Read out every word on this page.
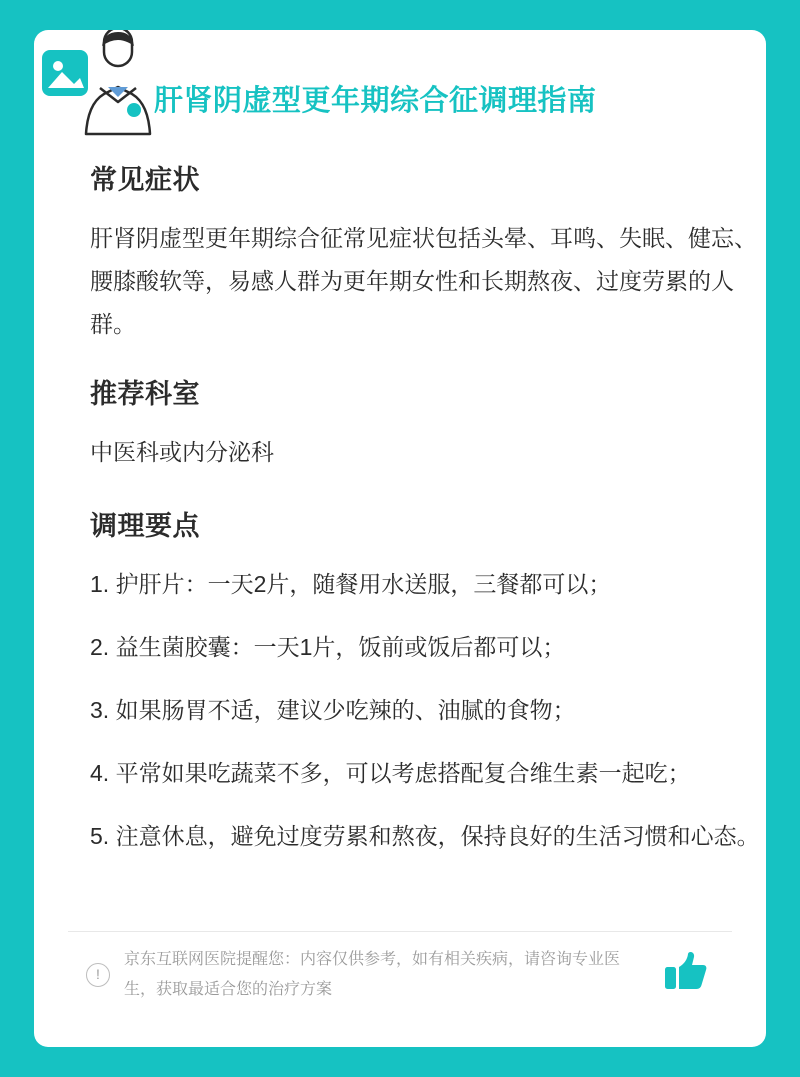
肝肾阴虚型更年期综合征调理指南
常见症状

肝肾阴虚型更年期综合征常见症状包括头晕、耳鸣、失眠、健忘、腰膝酸软等，易感人群为更年期女性和长期熬夜、过度劳累的人群。

推荐科室

中医科或内分泌科

调理要点
1. 护肝片：一天2片，随餐用水送服，三餐都可以；
2. 益生菌胶囊：一天1片，饭前或饭后都可以；
3. 如果肠胃不适，建议少吃辣的、油腻的食物；
4. 平常如果吃蔬菜不多，可以考虑搭配复合维生素一起吃；
5. 注意休息，避免过度劳累和熬夜，保持良好的生活习惯和心态。
!
京东互联网医院提醒您：内容仅供参考，如有相关疾病，请咨询专业医生，获取最适合您的治疗方案
